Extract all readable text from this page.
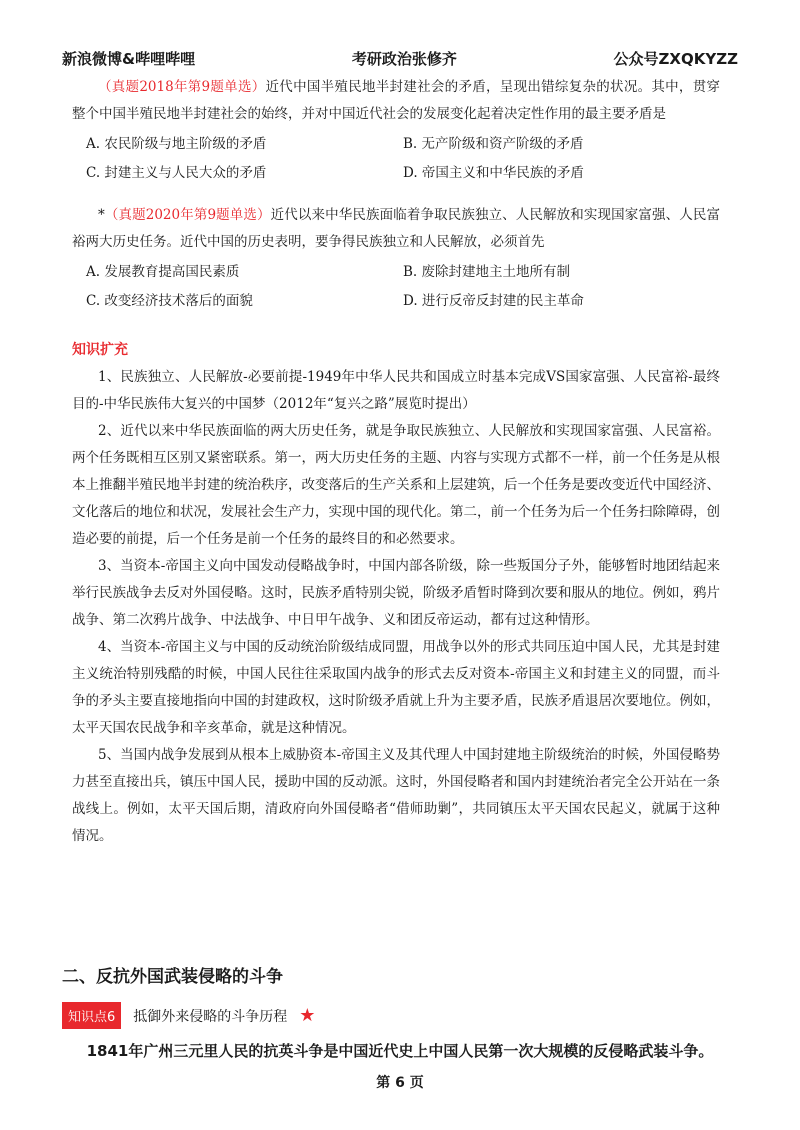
新浪微博&哔哩哔哩	考研政治张修齐	公众号ZXQKYZZ

（真题2018年第9题单选）近代中国半殖民地半封建社会的矛盾，呈现出错综复杂的状况。其中，贯穿整个中国半殖民地半封建社会的始终，并对中国近代社会的发展变化起着决定性作用的最主要矛盾是

A. 农民阶级与地主阶级的矛盾	B. 无产阶级和资产阶级的矛盾
C. 封建主义与人民大众的矛盾	D. 帝国主义和中华民族的矛盾

*（真题2020年第9题单选）近代以来中华民族面临着争取民族独立、人民解放和实现国家富强、人民富裕两大历史任务。近代中国的历史表明，要争得民族独立和人民解放，必须首先

A. 发展教育提高国民素质	B. 废除封建地主土地所有制
C. 改变经济技术落后的面貌	D. 进行反帝反封建的民主革命
知识扩充

1、民族独立、人民解放-必要前提-1949年中华人民共和国成立时基本完成VS国家富强、人民富裕-最终目的-中华民族伟大复兴的中国梦（2012年“复兴之路”展览时提出）

2、近代以来中华民族面临的两大历史任务，就是争取民族独立、人民解放和实现国家富强、人民富裕。两个任务既相互区别又紧密联系。第一，两大历史任务的主题、内容与实现方式都不一样，前一个任务是从根本上推翻半殖民地半封建的统治秩序，改变落后的生产关系和上层建筑，后一个任务是要改变近代中国经济、文化落后的地位和状况，发展社会生产力，实现中国的现代化。第二，前一个任务为后一个任务扫除障碍，创造必要的前提，后一个任务是前一个任务的最终目的和必然要求。

3、当资本-帝国主义向中国发动侵略战争时，中国内部各阶级，除一些叛国分子外，能够暂时地团结起来举行民族战争去反对外国侵略。这时，民族矛盾特别尖锐，阶级矛盾暂时降到次要和服从的地位。例如，鸦片战争、第二次鸦片战争、中法战争、中日甲午战争、义和团反帝运动，都有过这种情形。

4、当资本-帝国主义与中国的反动统治阶级结成同盟，用战争以外的形式共同压迫中国人民，尤其是封建主义统治特别残酷的时候，中国人民往往采取国内战争的形式去反对资本-帝国主义和封建主义的同盟，而斗争的矛头主要直接地指向中国的封建政权，这时阶级矛盾就上升为主要矛盾，民族矛盾退居次要地位。例如，太平天国农民战争和辛亥革命，就是这种情况。

5、当国内战争发展到从根本上威胁资本-帝国主义及其代理人中国封建地主阶级统治的时候，外国侵略势力甚至直接出兵，镇压中国人民，援助中国的反动派。这时，外国侵略者和国内封建统治者完全公开站在一条战线上。例如，太平天国后期，清政府向外国侵略者“借师助剿”，共同镇压太平天国农民起义，就属于这种情况。

二、反抗外国武装侵略的斗争
知识点6	抵御外来侵略的斗争历程 ★
1841年广州三元里人民的抗英斗争是中国近代史上中国人民第一次大规模的反侵略武装斗争。
第 6 页
